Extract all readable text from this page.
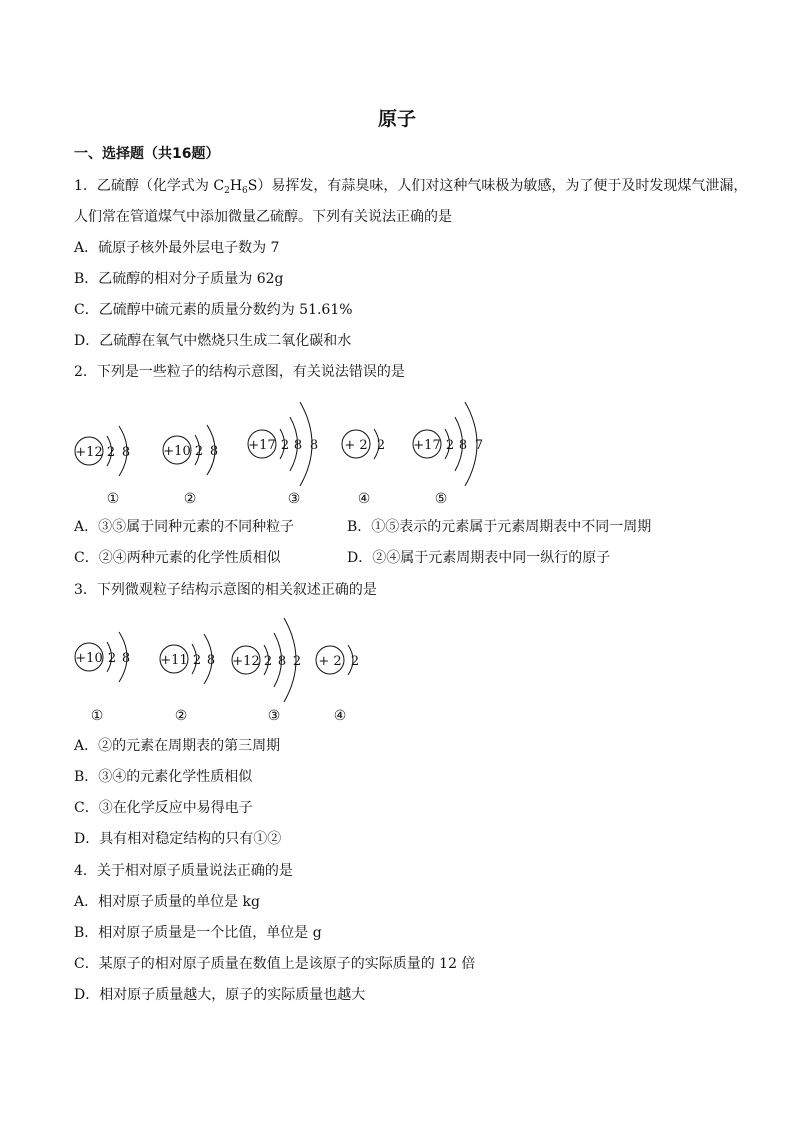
原子
一、选择题（共16题）
1．乙硫醇（化学式为 $C_2H_6S$）易挥发，有蒜臭味，人们对这种气味极为敏感，为了便于及时发现煤气泄漏，
人们常在管道煤气中添加微量乙硫醇。下列有关说法正确的是
A．硫原子核外最外层电子数为 7
B．乙硫醇的相对分子质量为 62g
C．乙硫醇中硫元素的质量分数约为 51.61%
D．乙硫醇在氧气中燃烧只生成二氧化碳和水
2．下列是一些粒子的结构示意图，有关说法错误的是
+12 2 8
①
+10 2 8
②
+17 2 8 8
③
+ 2 2
④
+17 2 8 7
⑤
+10 2 8
①
+11 2 8
②
+12 2 8 2
③
+ 2 2
④
A．③⑤属于同种元素的不同种粒子	B．①⑤表示的元素属于元素周期表中不同一周期
C．②④两种元素的化学性质相似	D．②④属于元素周期表中同一纵行的原子
3．下列微观粒子结构示意图的相关叙述正确的是
A．②的元素在周期表的第三周期
B．③④的元素化学性质相似
C．③在化学反应中易得电子
D．具有相对稳定结构的只有①②
4．关于相对原子质量说法正确的是
A．相对原子质量的单位是 kg
B．相对原子质量是一个比值，单位是 g
C．某原子的相对原子质量在数值上是该原子的实际质量的 12 倍
D．相对原子质量越大，原子的实际质量也越大
